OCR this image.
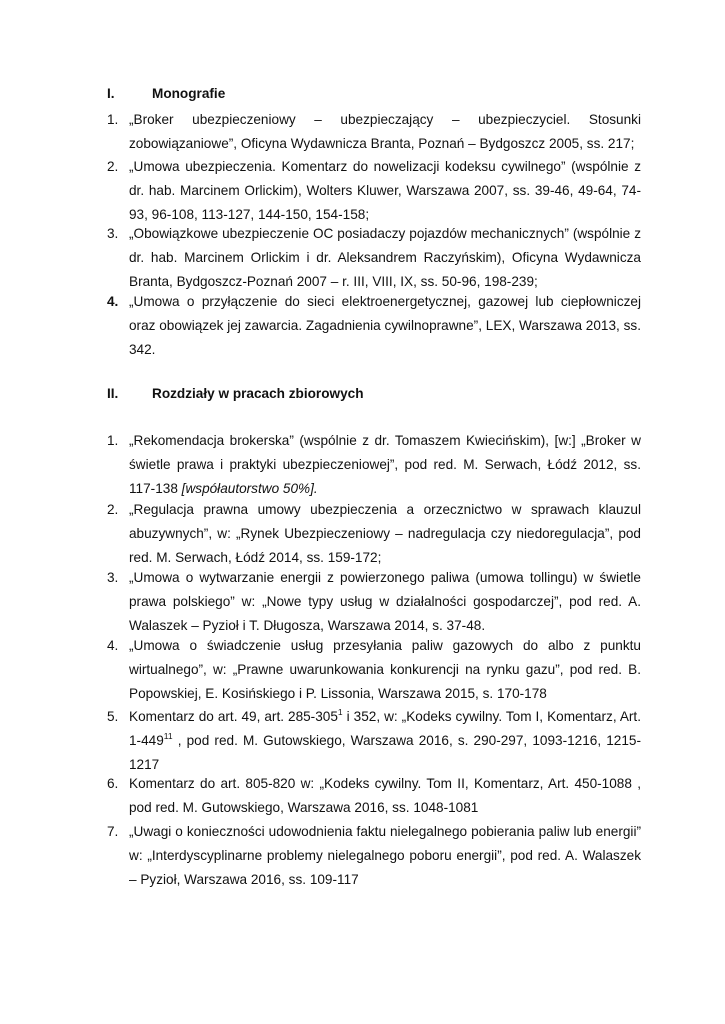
I.	Monografie
1. „Broker ubezpieczeniowy – ubezpieczający – ubezpieczyciel. Stosunki zobowiązaniowe”, Oficyna Wydawnicza Branta, Poznań – Bydgoszcz 2005, ss. 217;
2. „Umowa ubezpieczenia. Komentarz do nowelizacji kodeksu cywilnego” (wspólnie z dr. hab. Marcinem Orlickim), Wolters Kluwer, Warszawa 2007, ss. 39-46, 49-64, 74-93, 96-108, 113-127, 144-150, 154-158;
3. „Obowiązkowe ubezpieczenie OC posiadaczy pojazdów mechanicznych” (wspólnie z dr. hab. Marcinem Orlickim i dr. Aleksandrem Raczyńskim), Oficyna Wydawnicza Branta, Bydgoszcz-Poznań 2007 – r. III, VIII, IX, ss. 50-96, 198-239;
4. „Umowa o przyłączenie do sieci elektroenergetycznej, gazowej lub ciepłowniczej oraz obowiązek jej zawarcia. Zagadnienia cywilnoprawne”, LEX, Warszawa 2013, ss. 342.
II. Rozdziały w pracach zbiorowych
1. „Rekomendacja brokerska” (wspólnie z dr. Tomaszem Kwiecińskim), [w:] „Broker w świetle prawa i praktyki ubezpieczeniowej”, pod red. M. Serwach, Łódź 2012, ss. 117-138 [współautorstwo 50%].
2. „Regulacja prawna umowy ubezpieczenia a orzecznictwo w sprawach klauzul abuzywnych”, w: „Rynek Ubezpieczeniowy – nadregulacja czy niedoregulacja”, pod red. M. Serwach, Łódź 2014, ss. 159-172;
3. „Umowa o wytwarzanie energii z powierzonego paliwa (umowa tollingu) w świetle prawa polskiego” w: „Nowe typy usług w działalności gospodarczej”, pod red. A. Walaszek – Pyzioł i T. Długosza, Warszawa 2014, s. 37-48.
4. „Umowa o świadczenie usług przesyłania paliw gazowych do albo z punktu wirtualnego”, w: „Prawne uwarunkowania konkurencji na rynku gazu”, pod red. B. Popowskiej, E. Kosińskiego i P. Lissonia, Warszawa 2015, s. 170-178
5. Komentarz do art. 49, art. $285-305^1$ i 352, w: „Kodeks cywilny. Tom I, Komentarz, Art. $1-449^{11}$ , pod red. M. Gutowskiego, Warszawa 2016, s. 290-297, 1093-1216, 1215-1217
6. Komentarz do art. 805-820 w: „Kodeks cywilny. Tom II, Komentarz, Art. 450-1088 , pod red. M. Gutowskiego, Warszawa 2016, ss. 1048-1081
7. „Uwagi o konieczności udowodnienia faktu nielegalnego pobierania paliw lub energii” w: „Interdyscyplinarne problemy nielegalnego poboru energii”, pod red. A. Walaszek – Pyzioł, Warszawa 2016, ss. 109-117
